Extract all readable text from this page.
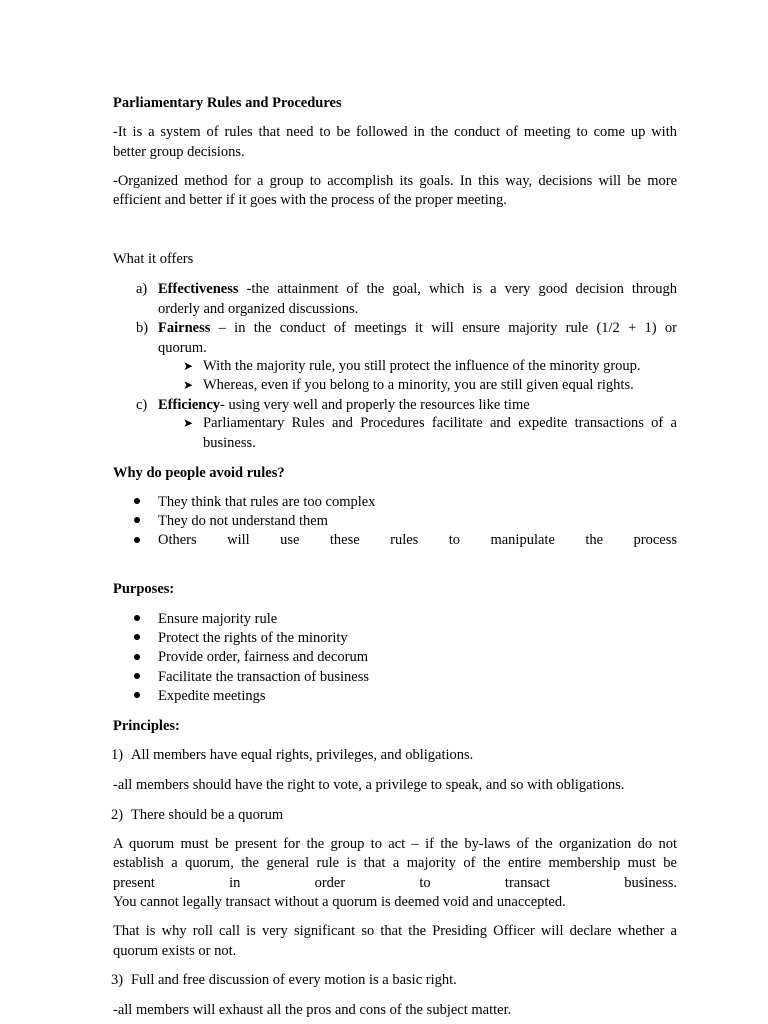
Parliamentary Rules and Procedures
-It is a system of rules that need to be followed in the conduct of meeting to come up with
better group decisions.
-Organized method for a group to accomplish its goals. In this way, decisions will be more
efficient and better if it goes with the process of the proper meeting.
What it offers
a) Effectiveness -the attainment of the goal, which is a very good decision through
orderly and organized discussions.
b) Fairness – in the conduct of meetings it will ensure majority rule (1/2 + 1) or
quorum.
➤ With the majority rule, you still protect the influence of the minority group.
➤ Whereas, even if you belong to a minority, you are still given equal rights.
c) Efficiency- using very well and properly the resources like time
➤ Parliamentary Rules and Procedures facilitate and expedite transactions of a
business.
Why do people avoid rules?
They think that rules are too complex
They do not understand them
Others will use these rules to manipulate the process
Purposes:
Ensure majority rule
Protect the rights of the minority
Provide order, fairness and decorum
Facilitate the transaction of business
Expedite meetings
Principles:
1) All members have equal rights, privileges, and obligations.
-all members should have the right to vote, a privilege to speak, and so with obligations.
2) There should be a quorum
A quorum must be present for the group to act – if the by-laws of the organization do not
establish a quorum, the general rule is that a majority of the entire membership must be
present in order to transact business.
You cannot legally transact without a quorum is deemed void and unaccepted.
That is why roll call is very significant so that the Presiding Officer will declare whether a
quorum exists or not.
3) Full and free discussion of every motion is a basic right.
-all members will exhaust all the pros and cons of the subject matter.
